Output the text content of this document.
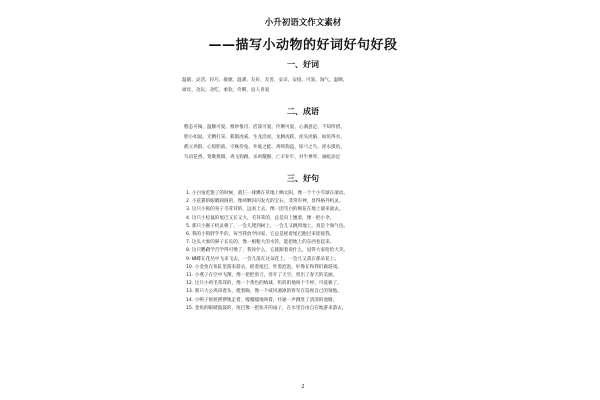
小升初语文作文素材
——描写小动物的好词好句好段
一、好词
温暖、灵活、轻巧、敏捷、温驯、友好、友善、安详、安稳、可爱、淘气、温顺、
顽皮、贪玩、贪吃、柔软、伶俐、逗人喜爱
二、成语
憨态可掬、温顺可爱、惟妙惟肖、活泼可爱、伶俐可爱、心满意足、不知所措、
胆小如鼠、无精打采、狐假虎威、生龙活虎、龙腾虎跃、虎头虎脑、如鱼得水、
鹤立鸡群、心惊胆战、守株待兔、井底之蛙、鸡鸣狗盗、惊弓之鸟、浑水摸鱼、
鸟语花香、莺歌燕舞、鸡飞狗跳、杀鸡儆猴、亡羊补牢、对牛弹琴、画蛇添足
三、好句
1. 小白兔吃饱了的时候，就仨一排蹲在草地上晒太阳，像一个个小雪球在滚动。
2. 小花猫的眼睛圆圆的，像两颗闪闪发光的宝石，非常有神，显得格外机灵。
3. 这只小狗的身子毛茸茸的，远看上去，像一团雪白的棉花在地上滚来滚去。
4. 这只小松鼠的尾巴又长又大，毛茸茸的，总是向上翘着，像一把小伞。
5. 那只小猴子机灵极了，一会儿爬到树上，一会儿又跳到地上，真是个淘气包。
6. 我的小狗胖乎乎的，每当我放学回家，它总是摇着尾巴跑过来迎接我。
7. 这头大象的鼻子长长的，像一根粗大的水管，能把地上的东西卷起来。
8. 这只鹦鹉学舌学得可像了，我说什么，它就跟着说什么，逗得大家哈哈大笑。
9. 蝴蝶在花丛中飞来飞去，一会儿落在这朵花上，一会儿又落在那朵花上。
10. 小金鱼在鱼缸里游来游去，摇着尾巴，吐着泡泡，好像在和我们做游戏。
11. 小燕子在空中飞翔，像一把把剪刀，剪开了天空，剪出了春天的美丽。
12. 这只小鸡毛茸茸的，像一个黄色的绒球，叽叽叽地叫个不停，可爱极了。
13. 那只大公鸡昂着头，挺着胸，像一个威风凛凛的将军在巡视自己的领地。
14. 小鸭子摇摇摆摆地走着，嘎嘎嘎地叫着，扑通一声跳进了清清的池塘。
15. 金鱼的眼睛鼓鼓的，尾巴像一把张开的扇子，在水里自由自在地游来游去。
2
